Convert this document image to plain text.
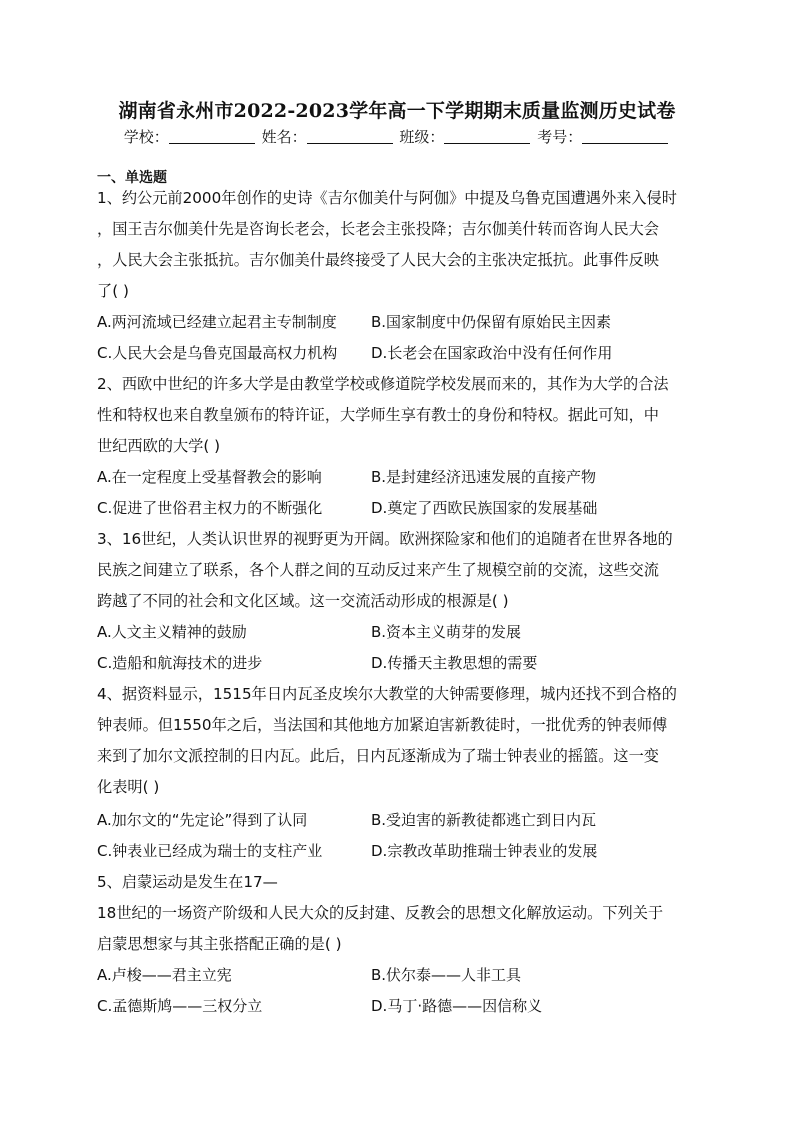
湖南省永州市2022-2023学年高一下学期期末质量监测历史试卷
学校：	姓名：	班级：	考号：
一、单选题
1、约公元前2000年创作的史诗《吉尔伽美什与阿伽》中提及乌鲁克国遭遇外来入侵时
，国王吉尔伽美什先是咨询长老会，长老会主张投降；吉尔伽美什转而咨询人民大会
，人民大会主张抵抗。吉尔伽美什最终接受了人民大会的主张决定抵抗。此事件反映
了( )
A.两河流域已经建立起君主专制制度 B.国家制度中仍保留有原始民主因素
C.人民大会是乌鲁克国最高权力机构 D.长老会在国家政治中没有任何作用
2、西欧中世纪的许多大学是由教堂学校或修道院学校发展而来的，其作为大学的合法
性和特权也来自教皇颁布的特许证，大学师生享有教士的身份和特权。据此可知，中
世纪西欧的大学( )
A.在一定程度上受基督教会的影响	B.是封建经济迅速发展的直接产物
C.促进了世俗君主权力的不断强化	D.奠定了西欧民族国家的发展基础
3、16世纪，人类认识世界的视野更为开阔。欧洲探险家和他们的追随者在世界各地的
民族之间建立了联系，各个人群之间的互动反过来产生了规模空前的交流，这些交流
跨越了不同的社会和文化区域。这一交流活动形成的根源是( )
A.人文主义精神的鼓励	B.资本主义萌芽的发展
C.造船和航海技术的进步	D.传播天主教思想的需要
4、据资料显示，1515年日内瓦圣皮埃尔大教堂的大钟需要修理，城内还找不到合格的
钟表师。但1550年之后，当法国和其他地方加紧迫害新教徒时，一批优秀的钟表师傅
来到了加尔文派控制的日内瓦。此后，日内瓦逐渐成为了瑞士钟表业的摇篮。这一变
化表明( )
A.加尔文的“先定论”得到了认同	B.受迫害的新教徒都逃亡到日内瓦
C.钟表业已经成为瑞士的支柱产业	D.宗教改革助推瑞士钟表业的发展
5、启蒙运动是发生在17—
18世纪的一场资产阶级和人民大众的反封建、反教会的思想文化解放运动。下列关于
启蒙思想家与其主张搭配正确的是( )
A.卢梭——君主立宪	B.伏尔泰——人非工具
C.孟德斯鸠——三权分立	D.马丁·路德——因信称义
